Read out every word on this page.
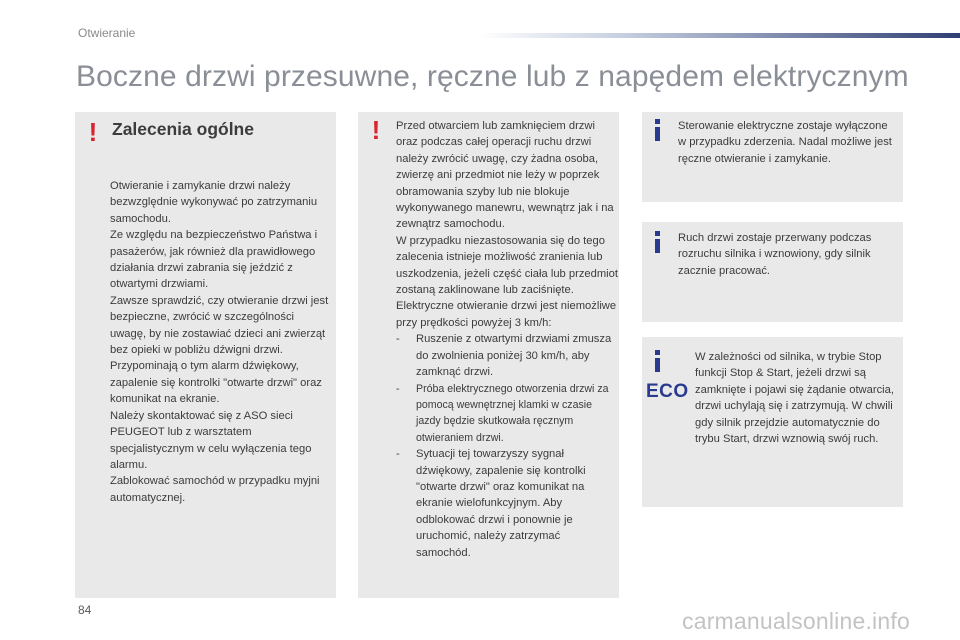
Otwieranie
Boczne drzwi przesuwne, ręczne lub z napędem elektrycznym
! Zalecenia ogólne

Otwieranie i zamykanie drzwi należy bezwzględnie wykonywać po zatrzymaniu samochodu.
Ze względu na bezpieczeństwo Państwa i pasażerów, jak również dla prawidłowego działania drzwi zabrania się jeździć z otwartymi drzwiami.
Zawsze sprawdzić, czy otwieranie drzwi jest bezpieczne, zwrócić w szczególności uwagę, by nie zostawiać dzieci ani zwierząt bez opieki w pobliżu dźwigni drzwi.
Przypominają o tym alarm dźwiękowy, zapalenie się kontrolki "otwarte drzwi" oraz komunikat na ekranie.
Należy skontaktować się z ASO sieci PEUGEOT lub z warsztatem specjalistycznym w celu wyłączenia tego alarmu.
Zablokować samochód w przypadku myjni automatycznej.

! Przed otwarciem lub zamknięciem drzwi oraz podczas całej operacji ruchu drzwi należy zwrócić uwagę, czy żadna osoba, zwierzę ani przedmiot nie leży w poprzek obramowania szyby lub nie blokuje wykonywanego manewru, wewnątrz jak i na zewnątrz samochodu.
W przypadku niezastosowania się do tego zalecenia istnieje możliwość zranienia lub uszkodzenia, jeżeli część ciała lub przedmiot zostaną zaklinowane lub zaciśnięte.
Elektryczne otwieranie drzwi jest niemożliwe przy prędkości powyżej 3 km/h:

- Ruszenie z otwartymi drzwiami zmusza do zwolnienia poniżej 30 km/h, aby zamknąć drzwi.
- Próba elektrycznego otworzenia drzwi za pomocą wewnętrznej klamki w czasie jazdy będzie skutkowała ręcznym otwieraniem drzwi.
- Sytuacji tej towarzyszy sygnał dźwiękowy, zapalenie się kontrolki "otwarte drzwi" oraz komunikat na ekranie wielofunkcyjnym. Aby odblokować drzwi i ponownie je uruchomić, należy zatrzymać samochód.
Sterowanie elektryczne zostaje wyłączone w przypadku zderzenia. Nadal możliwe jest ręczne otwieranie i zamykanie.
Ruch drzwi zostaje przerwany podczas rozruchu silnika i wznowiony, gdy silnik zacznie pracować.
ECO
W zależności od silnika, w trybie Stop funkcji Stop & Start, jeżeli drzwi są zamknięte i pojawi się żądanie otwarcia, drzwi uchylają się i zatrzymują. W chwili gdy silnik przejdzie automatycznie do trybu Start, drzwi wznowią swój ruch.
84	carmanualsonline.info
